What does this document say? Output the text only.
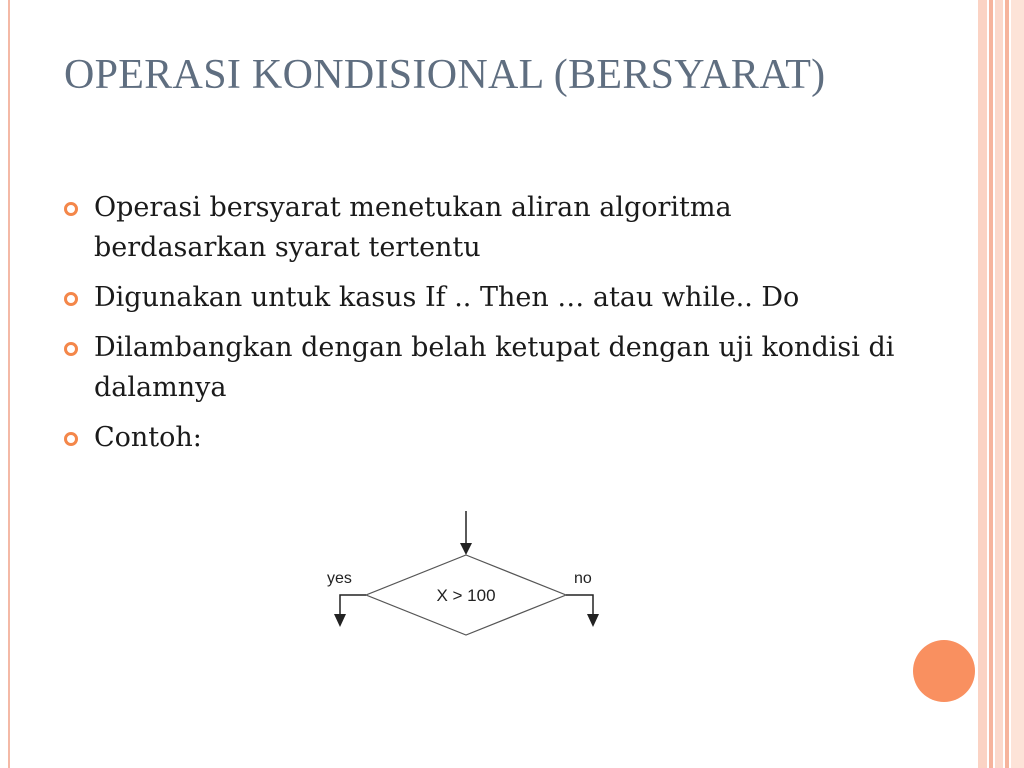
OPERASI KONDISIONAL (BERSYARAT)
Operasi bersyarat menetukan aliran algoritma berdasarkan syarat tertentu
Digunakan untuk kasus If .. Then … atau while.. Do
Dilambangkan dengan belah ketupat dengan uji kondisi di dalamnya
Contoh:
X > 100
yes	no
